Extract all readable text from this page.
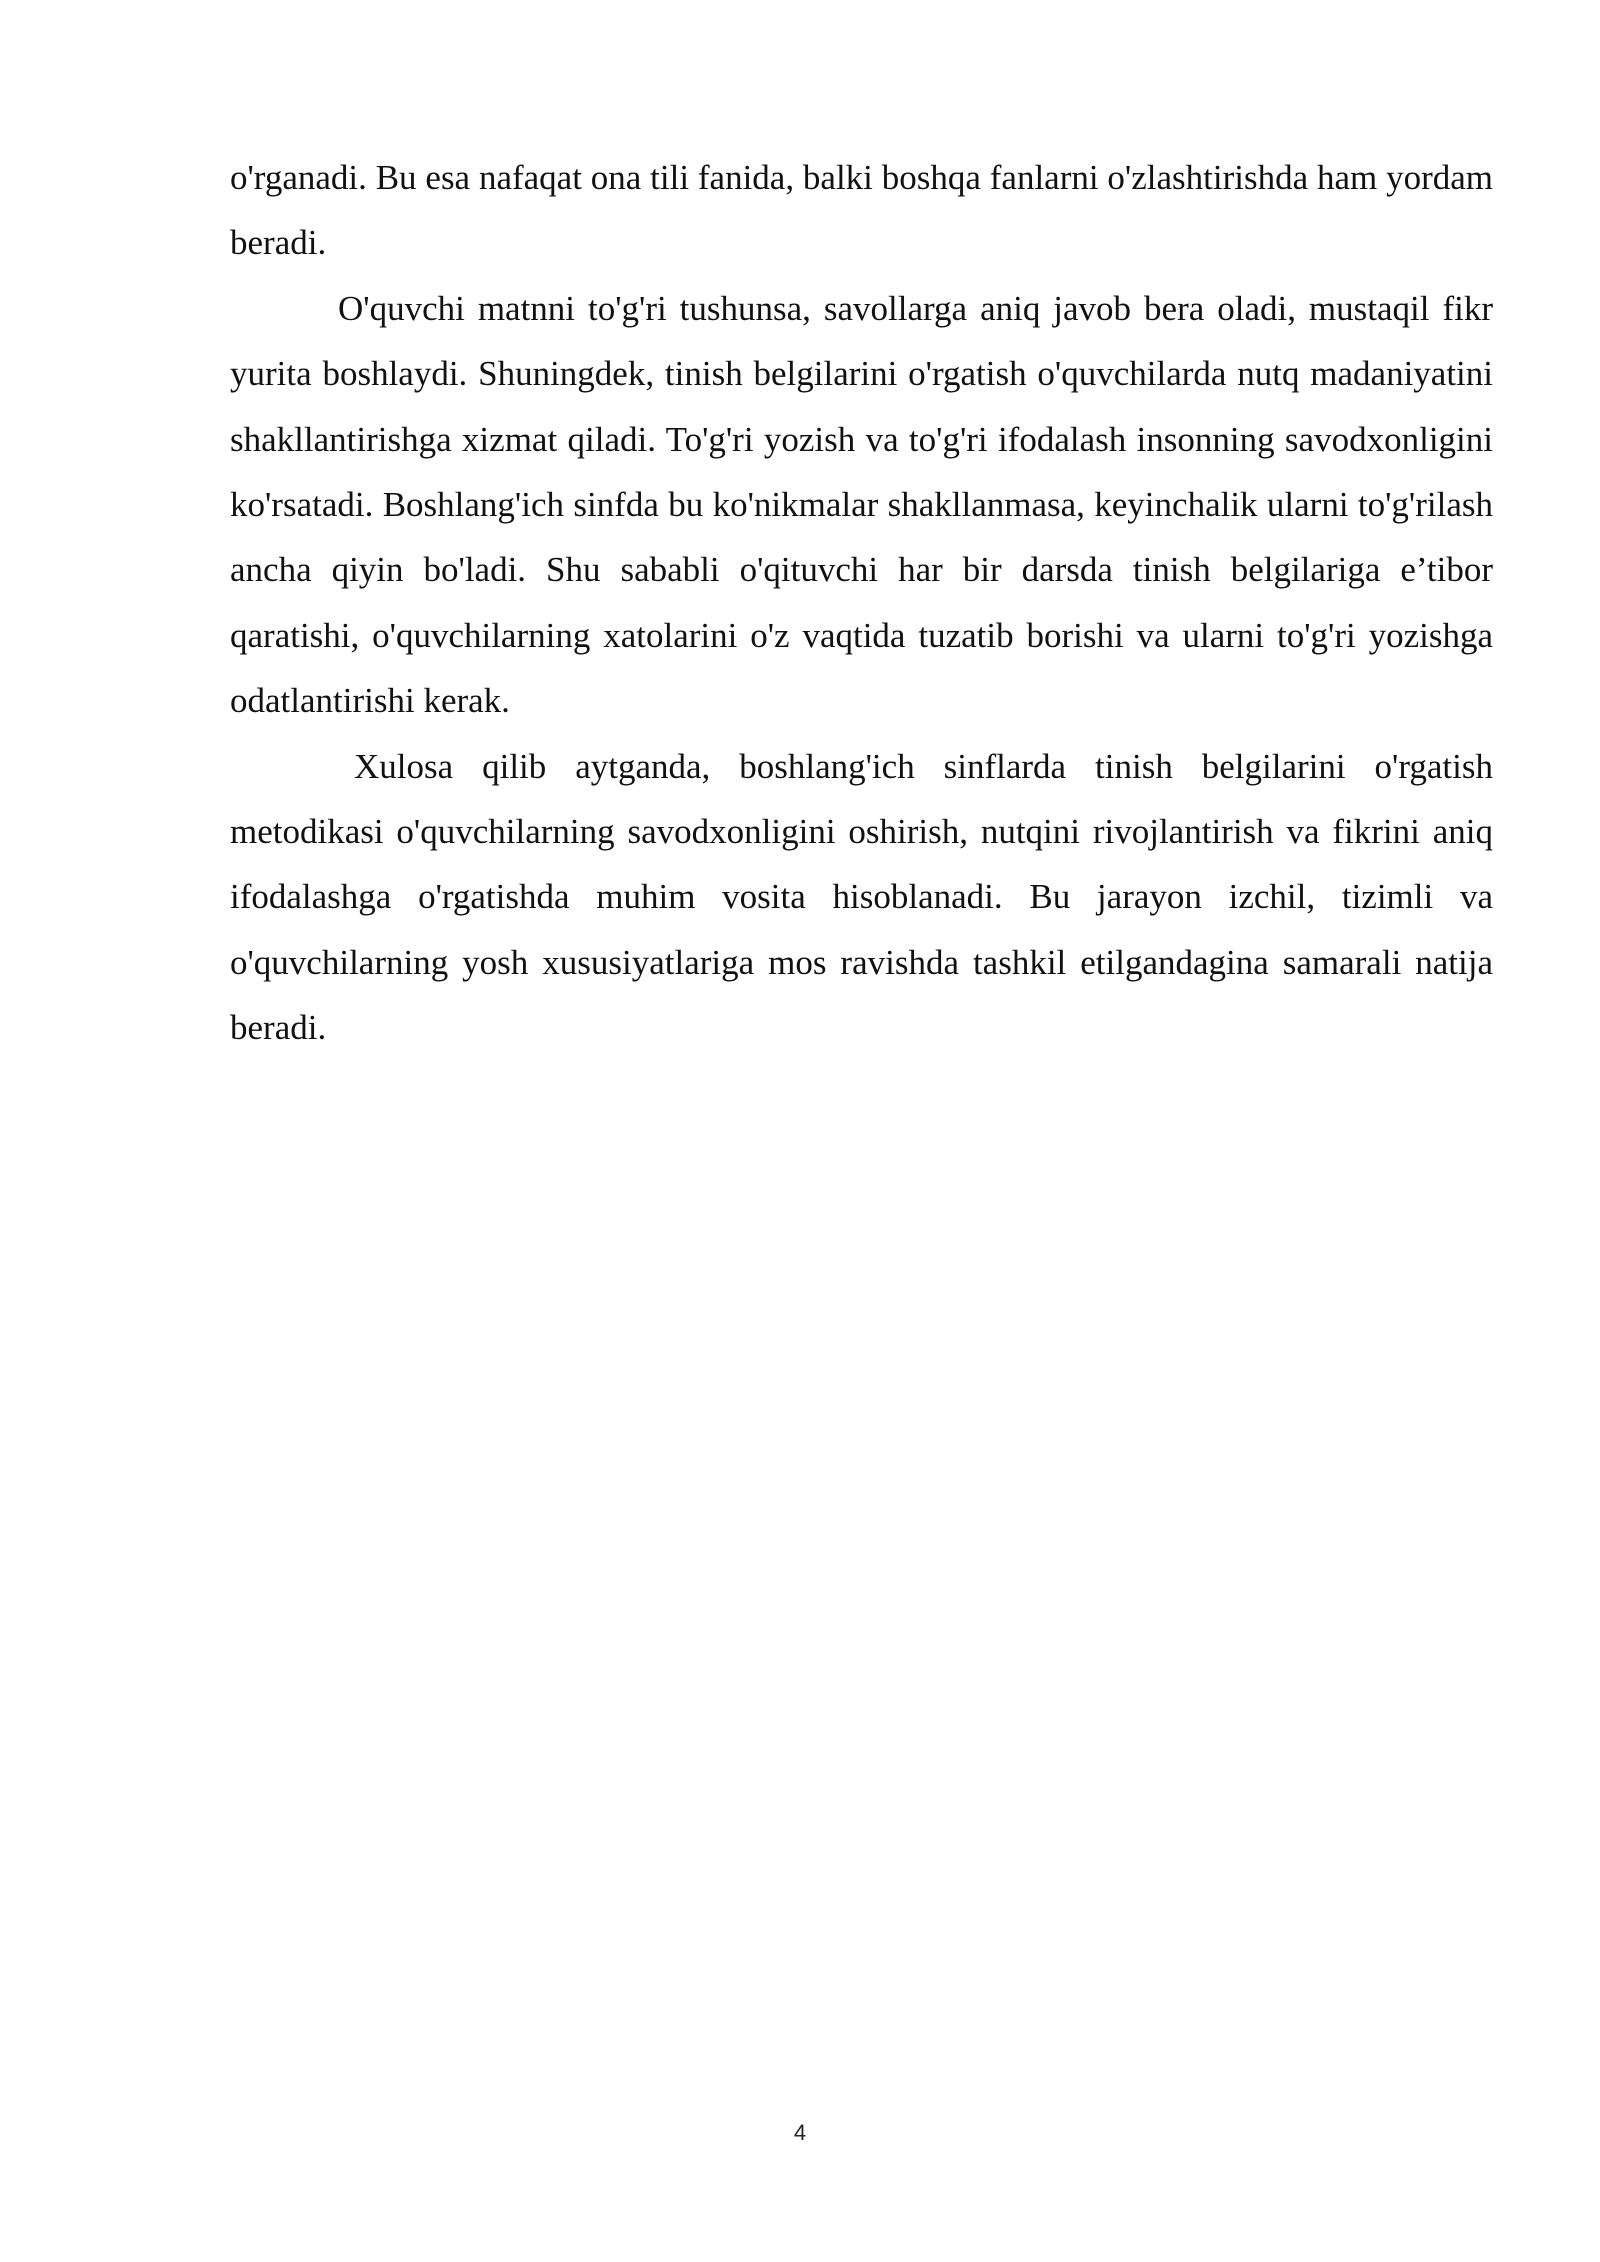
o'rganadi. Bu esa nafaqat ona tili fanida, balki boshqa fanlarni o'zlashtirishda ham yordam beradi.

O'quvchi matnni to'g'ri tushunsa, savollarga aniq javob bera oladi, mustaqil fikr yurita boshlaydi. Shuningdek, tinish belgilarini o'rgatish o'quvchilarda nutq madaniyatini shakllantirishga xizmat qiladi. To'g'ri yozish va to'g'ri ifodalash insonning savodxonligini ko'rsatadi. Boshlang'ich sinfda bu ko'nikmalar shakllanmasa, keyinchalik ularni to'g'rilash ancha qiyin bo'ladi. Shu sababli o'qituvchi har bir darsda tinish belgilariga e’tibor qaratishi, o'quvchilarning xatolarini o'z vaqtida tuzatib borishi va ularni to'g'ri yozishga odatlantirishi kerak.

Xulosa qilib aytganda, boshlang'ich sinflarda tinish belgilarini o'rgatish metodikasi o'quvchilarning savodxonligini oshirish, nutqini rivojlantirish va fikrini aniq ifodalashga o'rgatishda muhim vosita hisoblanadi. Bu jarayon izchil, tizimli va o'quvchilarning yosh xususiyatlariga mos ravishda tashkil etilgandagina samarali natija beradi.

4
